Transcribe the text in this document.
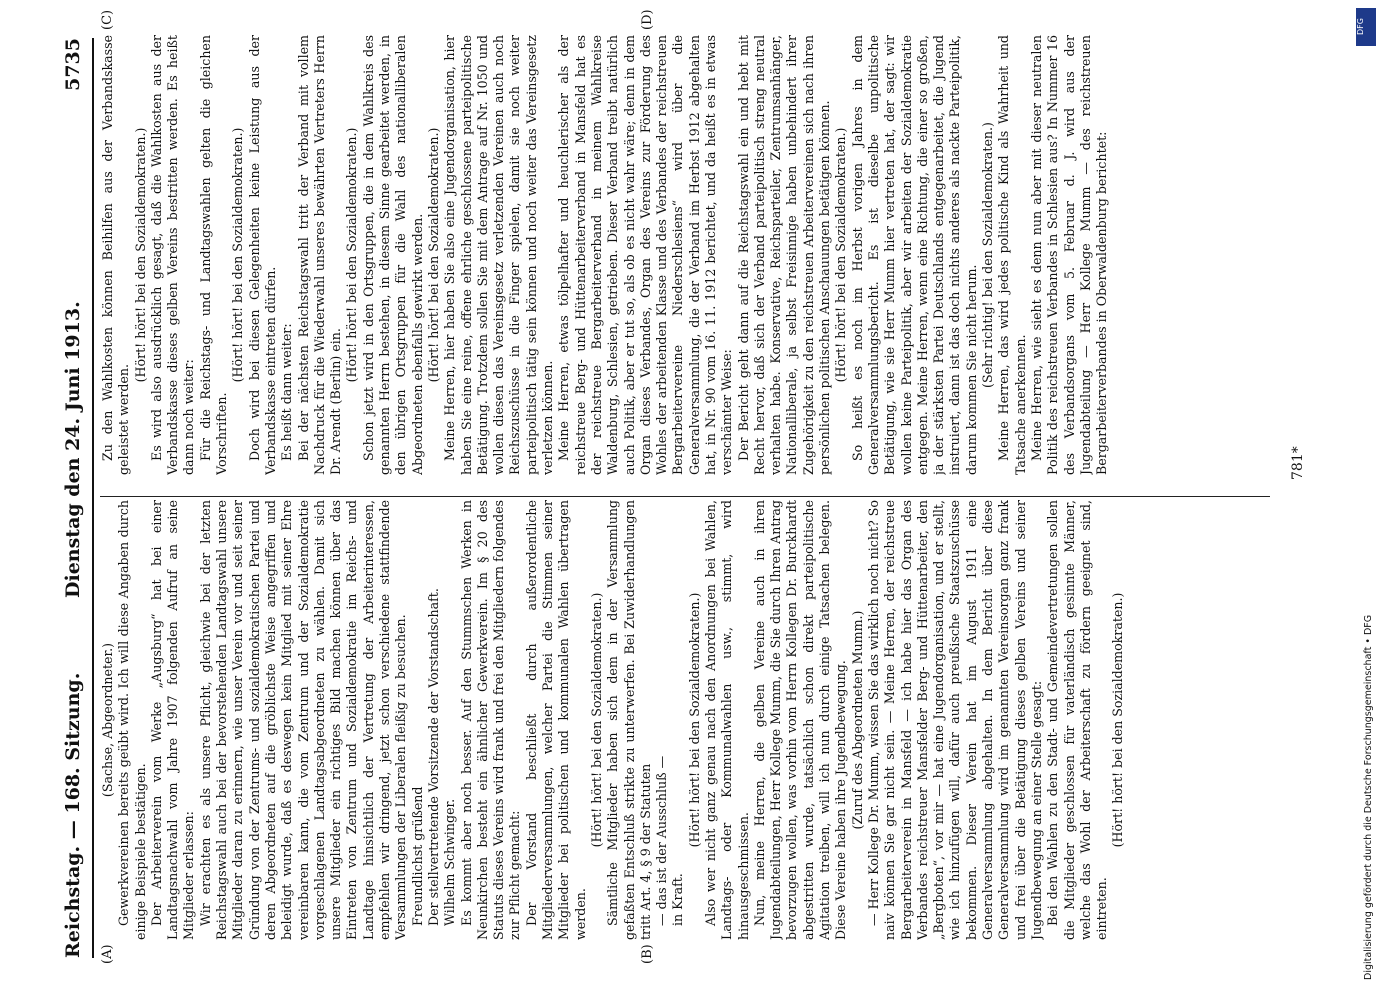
Reichstag. — 168. Sitzung.
Dienstag den 24. Juni 1913.
5735
(A)	(B)
(C)	(D)

(Sachse, Abgeordneter.) Gewerkvereinen bereits geübt wird. Ich will diese Angaben durch einige Beispiele bestätigen. Der Arbeiterverein vom Werke „Augsburg“ hat bei einer Landtagsnachwahl vom Jahre 1907 folgenden Aufruf an seine Mitglieder erlassen: Wir erachten es als unsere Pflicht, gleichwie bei der letzten Reichstagswahl auch bei der bevorstehenden Landtagswahl unsere Mitglieder daran zu erinnern, wie unser Verein vor und seit seiner Gründung von der Zentrums- und sozialdemokratischen Partei und deren Abgeordneten auf die gröblichste Weise angegriffen und beleidigt wurde, daß es deswegen kein Mitglied mit seiner Ehre vereinbaren kann, die vom Zentrum und der Sozialdemokratie vorgeschlagenen Landtagsabgeordneten zu wählen. Damit sich unsere Mitglieder ein richtiges Bild machen können über das Eintreten von Zentrum und Sozialdemokratie im Reichs- und Landtage hinsichtlich der Vertretung der Arbeiterinteressen, empfehlen wir dringend, jetzt schon verschiedene stattfindende Versammlungen der Liberalen fleißig zu besuchen. Freundlichst grüßend Der stellvertretende Vorsitzende der Vorstandschaft. Wilhelm Schwinger. Es kommt aber noch besser. Auf den Stummschen Werken in Neunkirchen besteht ein ähnlicher Gewerkverein. Im § 20 des Statuts dieses Vereins wird frank und frei den Mitgliedern folgendes zur Pflicht gemacht: Der Vorstand beschließt durch außerordentliche Mitgliederversammlungen, welcher Partei die Stimmen seiner Mitglieder bei politischen und kommunalen Wahlen übertragen werden.

(Hört! hört! bei den Sozialdemokraten.) Sämtliche Mitglieder haben sich dem in der Versammlung gefaßten Entschluß strikte zu unterwerfen. Bei Zuwiderhandlungen tritt Art. 4, § 9 der Statuten — das ist der Ausschluß — in Kraft.

(Hört! hört! bei den Sozialdemokraten.) Also wer nicht ganz genau nach den Anordnungen bei Wahlen, Landtags- oder Kommunalwahlen usw., stimmt, wird hinausgeschmissen. Nun, meine Herren, die gelben Vereine auch in ihren Jugendabteilungen, Herr Kollege Mumm, die Sie durch Ihren Antrag bevorzugen wollen, was vorhin vom Herrn Kollegen Dr. Burckhardt abgestritten wurde, tatsächlich schon direkt parteipolitische Agitation treiben, will ich nun durch einige Tatsachen belegen. Diese Vereine haben ihre Jugendbewegung. (Zuruf des Abgeordneten Mumm.) — Herr Kollege Dr. Mumm, wissen Sie das wirklich noch nicht? So naiv können Sie gar nicht sein. — Meine Herren, der reichstreue Bergarbeiterverein in Mansfeld — ich habe hier das Organ des Verbandes reichstreuer Mansfelder Berg- und Hüttenarbeiter, den „Bergboten“, vor mir — hat eine Jugendorganisation, und er stellt, wie ich hinzufügen will, dafür auch preußische Staatszuschüsse bekommen. Dieser Verein hat im August 1911 eine Generalversammlung abgehalten. In dem Bericht über diese Generalversammlung wird im genannten Vereinsorgan ganz frank und frei über die Betätigung dieses gelben Vereins und seiner Jugendbewegung an einer Stelle gesagt: Bei den Wahlen zu den Stadt- und Gemeindevertretungen sollen die Mitglieder geschlossen für vaterländisch gesinnte Männer, welche das Wohl der Arbeiterschaft zu fördern geeignet sind, eintreten.

(Hört! hört! bei den Sozialdemokraten.)

Zu den Wahlkosten können Beihilfen aus der Verbandskasse geleistet werden.

(Hört! hört! bei den Sozialdemokraten.) Es wird also ausdrücklich gesagt, daß die Wahlkosten aus der Verbandskasse dieses gelben Vereins bestritten werden. Es heißt dann noch weiter: Für die Reichstags- und Landtagswahlen gelten die gleichen Vorschriften.

(Hört! hört! bei den Sozialdemokraten.) Doch wird bei diesen Gelegenheiten keine Leistung aus der Verbandskasse eintreten dürfen. Es heißt dann weiter: Bei der nächsten Reichstagswahl tritt der Verband mit vollem Nachdruck für die Wiederwahl unseres bewährten Vertreters Herrn Dr. Arendt (Berlin) ein.

(Hört! hört! bei den Sozialdemokraten.) Schon jetzt wird in den Ortsgruppen, die in dem Wahlkreis des genannten Herrn bestehen, in diesem Sinne gearbeitet werden, in den übrigen Ortsgruppen für die Wahl des nationalliberalen Abgeordneten ebenfalls gewirkt werden. (Hört! hört! bei den Sozialdemokraten.) Meine Herren, hier haben Sie also eine Jugendorganisation, hier haben Sie eine reine, offene ehrliche geschlossene parteipolitische Betätigung. Trotzdem sollen Sie mit dem Antrage auf Nr. 1050 und wollen diesen das Vereinsgesetz verletzenden Vereinen auch noch Reichszuschüsse in die Finger spielen, damit sie noch weiter parteipolitisch tätig sein können und noch weiter das Vereinsgesetz verletzen können. Meine Herren, etwas tölpelhafter und heuchlerischer als der reichstreue Berg- und Hüttenarbeiterverband in Mansfeld hat es der reichstreue Bergarbeiterverband in meinem Wahlkreise Waldenburg, Schlesien, getrieben. Dieser Verband treibt natürlich auch Politik, aber er tut so, als ob es nicht wahr wäre; denn in dem Organ dieses Verbandes, Organ des Vereins zur Förderung des Wohles der arbeitenden Klasse und des Verbandes der reichstreuen Bergarbeitervereine Niederschlesiens“ wird über die Generalversammlung, die der Verband im Herbst 1912 abgehalten hat, in Nr. 90 vom 16. 11. 1912 berichtet, und da heißt es in etwas verschämter Weise: Der Bericht geht dann auf die Reichstagswahl ein und hebt mit Recht hervor, daß sich der Verband parteipolitisch streng neutral verhalten habe. Konservative, Reichsparteiler, Zentrumsanhänger, Nationalliberale, ja selbst Freisinnige haben unbehindert ihrer Zugehörigkeit zu den reichstreuen Arbeitervereinen sich nach ihren persönlichen politischen Anschauungen betätigen können. (Hört! hört! bei den Sozialdemokraten.) So heißt es noch im Herbst vorigen Jahres in dem Generalversammlungsbericht. Es ist dieselbe unpolitische Betätigung, wie sie Herr Mumm hier vertreten hat, der sagt: wir wollen keine Parteipolitik, aber wir arbeiten der Sozialdemokratie entgegen. Meine Herren, wenn eine Richtung, die einer so großen, ja der stärksten Partei Deutschlands entgegenarbeitet, die Jugend instruiert, dann ist das doch nichts anderes als nackte Parteipolitik, darum kommen Sie nicht herum. (Sehr richtig! bei den Sozialdemokraten.) Meine Herren, das wird jedes politische Kind als Wahrheit und Tatsache anerkennen. Meine Herren, wie sieht es denn nun aber mit dieser neutralen Politik des reichstreuen Verbandes in Schlesien aus? In Nummer 16 des Verbandsorgans vom 5. Februar d. J. wird aus der Jugendabteilung — Herr Kollege Mumm — des reichstreuen Bergarbeiterverbandes in Oberwaldenburg berichtet:	781*
DFG
Digitalisierung gefördert durch die Deutsche Forschungsgemeinschaft • DFG
